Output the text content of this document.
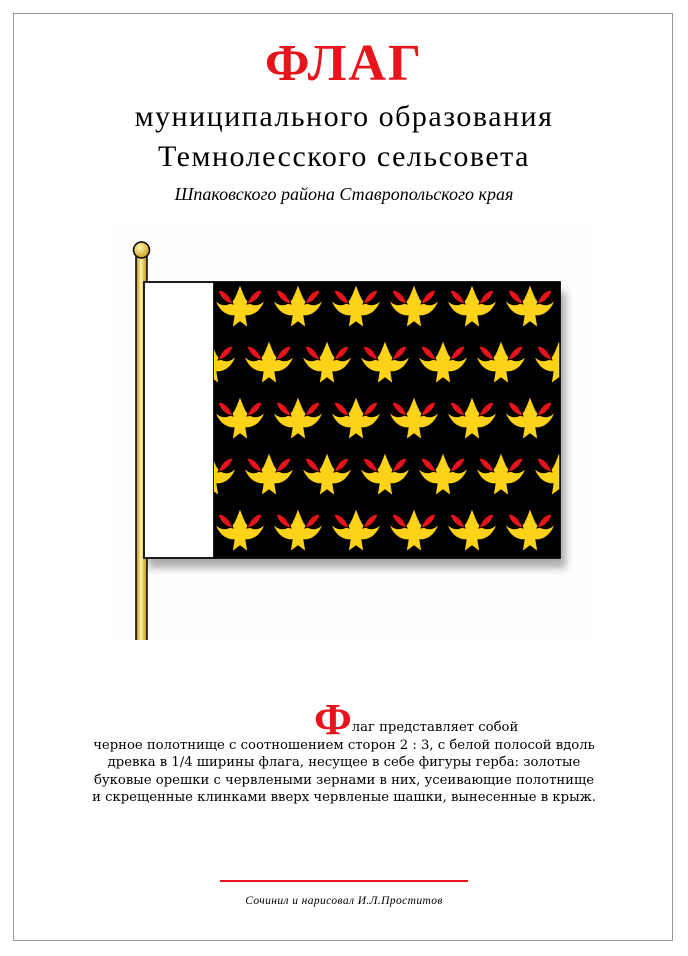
ФЛАГ
муниципального образования
Темнолесского сельсовета
Шпаковского района Ставропольского края
Флаг представляет собой
черное полотнище с соотношением сторон 2 : 3, с белой полосой вдоль
древка в 1/4 ширины флага, несущее в себе фигуры герба: золотые
буковые орешки с червлеными зернами в них, усеивающие полотнище
и скрещенные клинками вверх червленые шашки, вынесенные в крыж.
Сочинил и нарисовал И.Л.Проститов
